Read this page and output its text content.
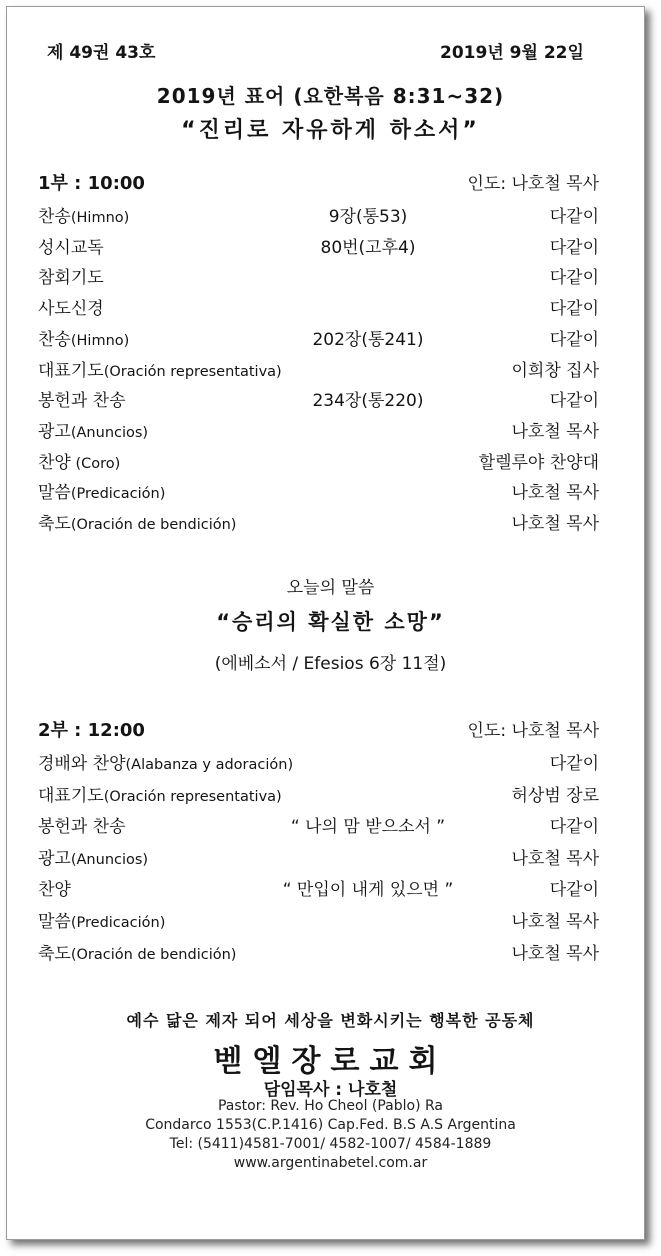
제 49권 43호	2019년 9월 22일
2019년 표어 (요한복음 8:31~32)
“진리로 자유하게 하소서”
1부 : 10:00	인도: 나호철 목사
찬송(Himno)	9장(통53)	다같이
성시교독	80번(고후4)	다같이
참회기도	다같이
사도신경	다같이
찬송(Himno)	202장(통241)	다같이
대표기도(Oración representativa)	이희창 집사
봉헌과 찬송	234장(통220)	다같이
광고(Anuncios)	나호철 목사
찬양 (Coro)	할렐루야 찬양대
말씀(Predicación)	나호철 목사
축도(Oración de bendición)	나호철 목사
오늘의 말씀
“승리의 확실한 소망”
(에베소서 / Efesios 6장 11절)
2부 : 12:00	인도: 나호철 목사
경배와 찬양(Alabanza y adoración)	다같이
대표기도(Oración representativa)	허상범 장로
봉헌과 찬송	“ 나의 맘 받으소서 ”	다같이
광고(Anuncios)	나호철 목사
찬양	“ 만입이 내게 있으면 ”	다같이
말씀(Predicación)	나호철 목사
축도(Oración de bendición)	나호철 목사
예수 닮은 제자 되어 세상을 변화시키는 행복한 공동체
벧엘장로교회
담임목사 : 나호철
Pastor: Rev. Ho Cheol (Pablo) Ra
Condarco 1553(C.P.1416) Cap.Fed. B.S A.S Argentina
Tel: (5411)4581-7001/ 4582-1007/ 4584-1889
www.argentinabetel.com.ar
